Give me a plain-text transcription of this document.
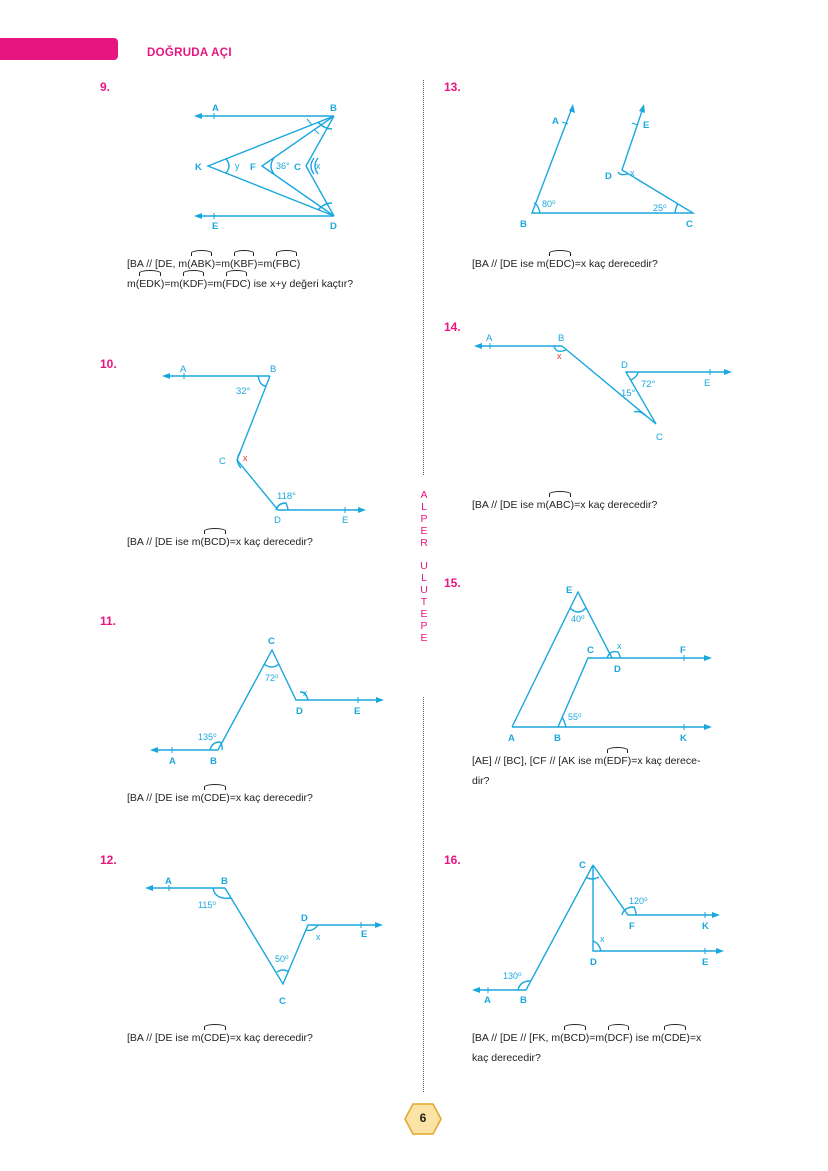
DOĞRUDA AÇI
A
L
P
E
R
U
L
U
T
E
P
E
9.
A	B
K	F	C
D
E
y	36°	x
[BA // [DE, m(ABK)=m(KBF)=m(FBC)
m(EDK)=m(KDF)=m(FDC) ise x+y değeri kaçtır?
10.	A	B
C
D	E
32°
118°
x
[BA // [DE ise m(BCD)=x kaç derecedir?
11.
A	B
C
D	E
72⁰
135⁰
x
[BA // [DE ise m(CDE)=x kaç derecedir?
12.
A	B
C
D
E
115⁰
50⁰
x
[BA // [DE ise m(CDE)=x kaç derecedir?
13.
A	E
B	C
D
80⁰	25⁰
x
[BA // [DE ise m(EDC)=x kaç derecedir?
14.
A	B
D
E
C
72°
15°
x
[BA // [DE ise m(ABC)=x kaç derecedir?
15.
E
C
D
F
A	B	K
40⁰
55⁰
x
[AE] // [BC], [CF // [AK ise m(EDF)=x kaç derece-
dir?
16.	C
F	K
D	E
A	B
120⁰
130⁰
x
[BA // [DE // [FK, m(BCD)=m(DCF) ise m(CDE)=x
kaç derecedir?
6
